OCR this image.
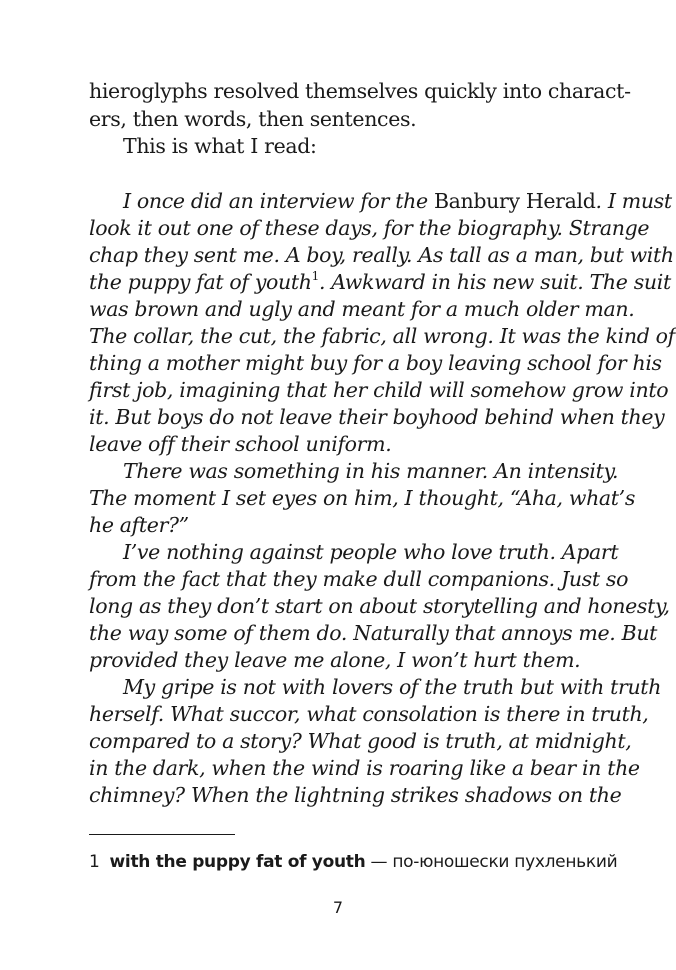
hieroglyphs resolved themselves quickly into charact-
ers, then words, then sentences.
This is what I read:
I once did an interview for the Banbury Herald. I must
look it out one of these days, for the biography. Strange
chap they sent me. A boy, really. As tall as a man, but with
the puppy fat of youth$^1$. Awkward in his new suit. The suit
was brown and ugly and meant for a much older man.
The collar, the cut, the fabric, all wrong. It was the kind of
thing a mother might buy for a boy leaving school for his
first job, imagining that her child will somehow grow into
it. But boys do not leave their boyhood behind when they
leave off their school uniform.
There was something in his manner. An intensity.
The moment I set eyes on him, I thought, “Aha, what’s
he after?”
I’ve nothing against people who love truth. Apart
from the fact that they make dull companions. Just so
long as they don’t start on about storytelling and honesty,
the way some of them do. Naturally that annoys me. But
provided they leave me alone, I won’t hurt them.
My gripe is not with lovers of the truth but with truth
herself. What succor, what consolation is there in truth,
compared to a story? What good is truth, at midnight,
in the dark, when the wind is roaring like a bear in the
chimney? When the lightning strikes shadows on the
1 with the puppy fat of youth — по-юношески пухленький
7
